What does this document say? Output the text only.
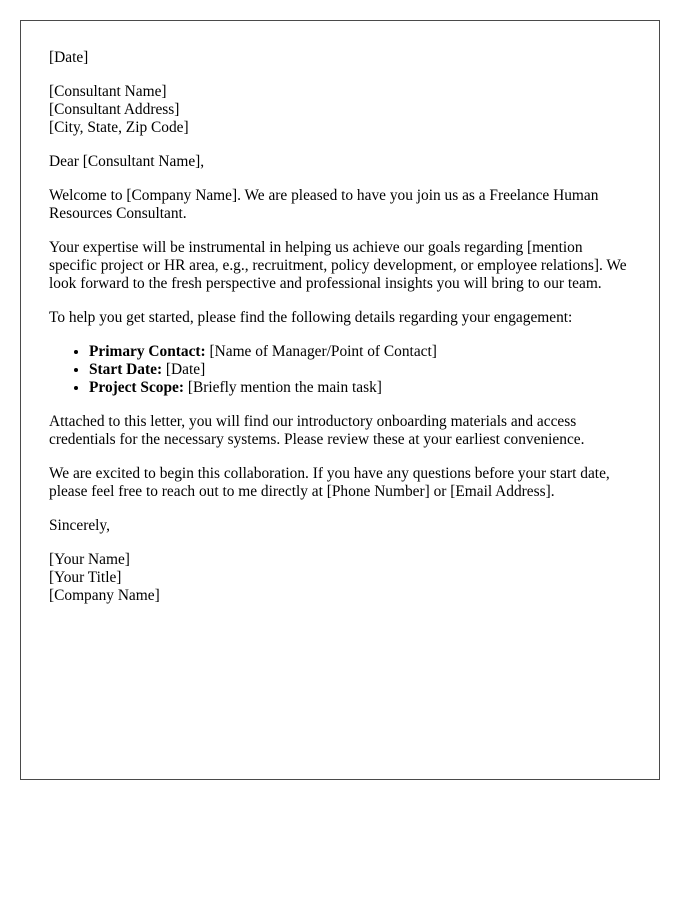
[Date]
[Consultant Name]
[Consultant Address]
[City, State, Zip Code]

Dear [Consultant Name],

Welcome to [Company Name]. We are pleased to have you join us as a Freelance Human Resources Consultant.

Your expertise will be instrumental in helping us achieve our goals regarding [mention specific project or HR area, e.g., recruitment, policy development, or employee relations]. We look forward to the fresh perspective and professional insights you will bring to our team.

To help you get started, please find the following details regarding your engagement:

• Primary Contact: [Name of Manager/Point of Contact]
• Start Date: [Date]
• Project Scope: [Briefly mention the main task]

Attached to this letter, you will find our introductory onboarding materials and access credentials for the necessary systems. Please review these at your earliest convenience.

We are excited to begin this collaboration. If you have any questions before your start date, please feel free to reach out to me directly at [Phone Number] or [Email Address].

Sincerely,

[Your Name]
[Your Title]
[Company Name]
